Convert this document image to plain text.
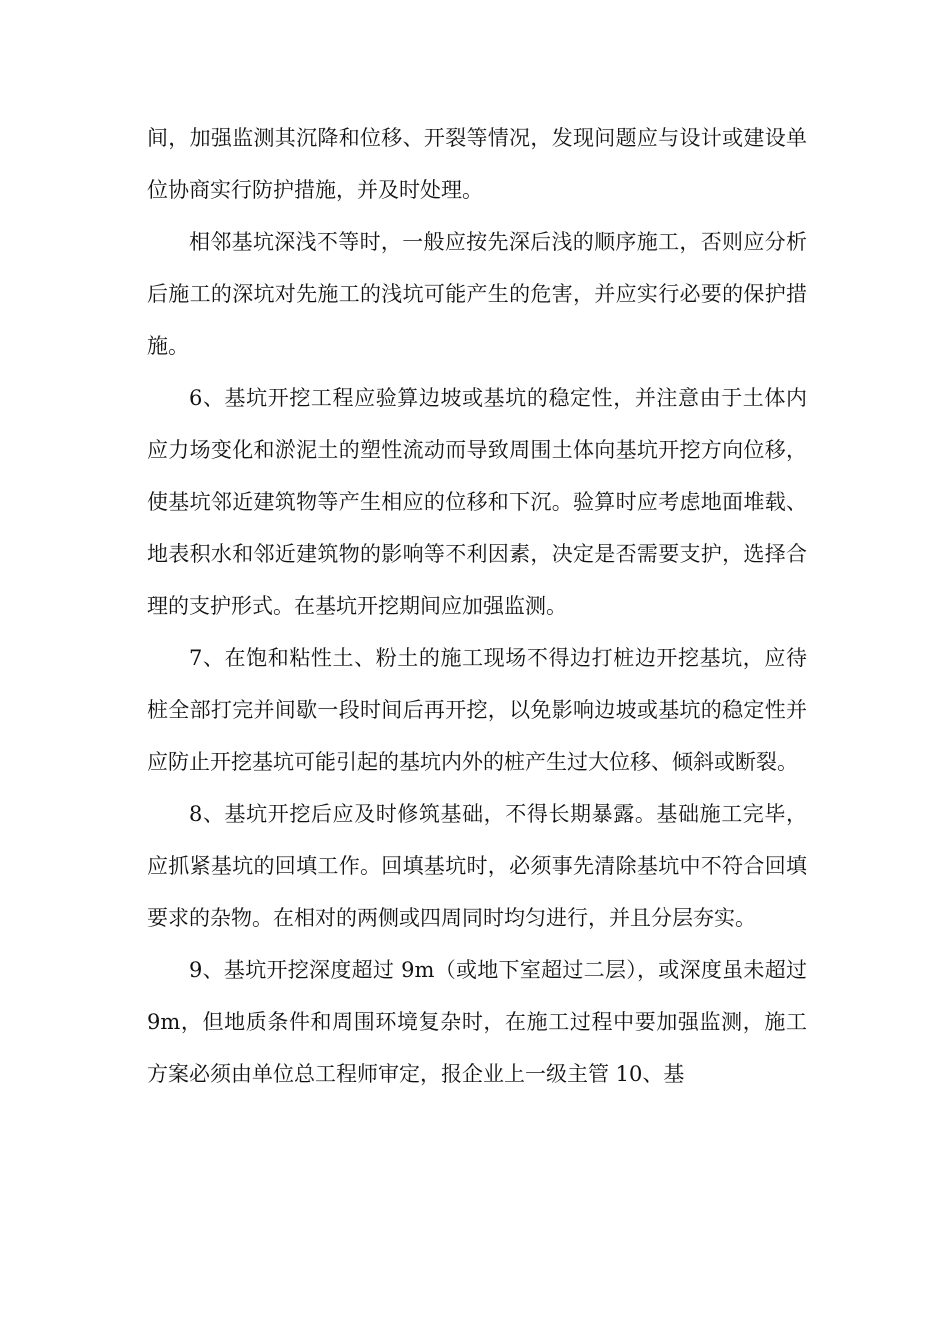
间，加强监测其沉降和位移、开裂等情况，发现问题应与设计或建设单位协商实行防护措施，并及时处理。

相邻基坑深浅不等时，一般应按先深后浅的顺序施工，否则应分析后施工的深坑对先施工的浅坑可能产生的危害，并应实行必要的保护措施。

6、基坑开挖工程应验算边坡或基坑的稳定性，并注意由于土体内应力场变化和淤泥土的塑性流动而导致周围土体向基坑开挖方向位移，使基坑邻近建筑物等产生相应的位移和下沉。验算时应考虑地面堆载、地表积水和邻近建筑物的影响等不利因素，决定是否需要支护，选择合理的支护形式。在基坑开挖期间应加强监测。

7、在饱和粘性土、粉土的施工现场不得边打桩边开挖基坑，应待桩全部打完并间歇一段时间后再开挖，以免影响边坡或基坑的稳定性并应防止开挖基坑可能引起的基坑内外的桩产生过大位移、倾斜或断裂。

8、基坑开挖后应及时修筑基础，不得长期暴露。基础施工完毕，应抓紧基坑的回填工作。回填基坑时，必须事先清除基坑中不符合回填要求的杂物。在相对的两侧或四周同时均匀进行，并且分层夯实。

9、基坑开挖深度超过 9m（或地下室超过二层），或深度虽未超过 9m，但地质条件和周围环境复杂时，在施工过程中要加强监测，施工方案必须由单位总工程师审定，报企业上一级主管 10、基
